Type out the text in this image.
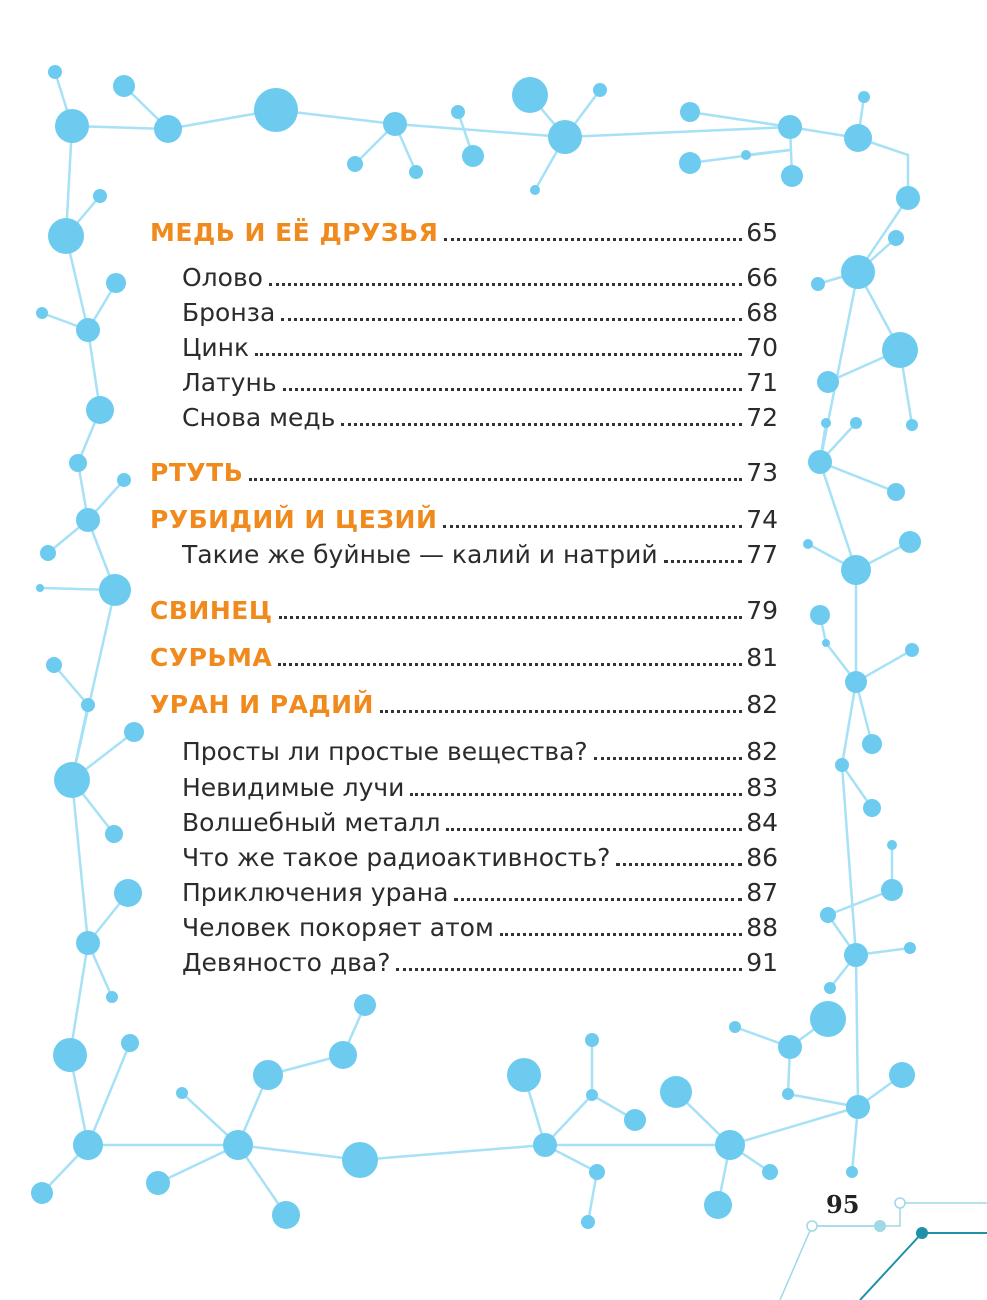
МЕДЬ И ЕЁ ДРУЗЬЯ	65
Олово	66
Бронза	68
Цинк	70
Латунь	71
Снова медь	72
РТУТЬ	73
РУБИДИЙ И ЦЕЗИЙ	74
Такие же буйные — калий и натрий	77
СВИНЕЦ	79
СУРЬМА	81
УРАН И РАДИЙ	82
Просты ли простые вещества?	82
Невидимые лучи	83
Волшебный металл	84
Что же такое радиоактивность?	86
Приключения урана	87
Человек покоряет атом	88
Девяносто два?	91
95
